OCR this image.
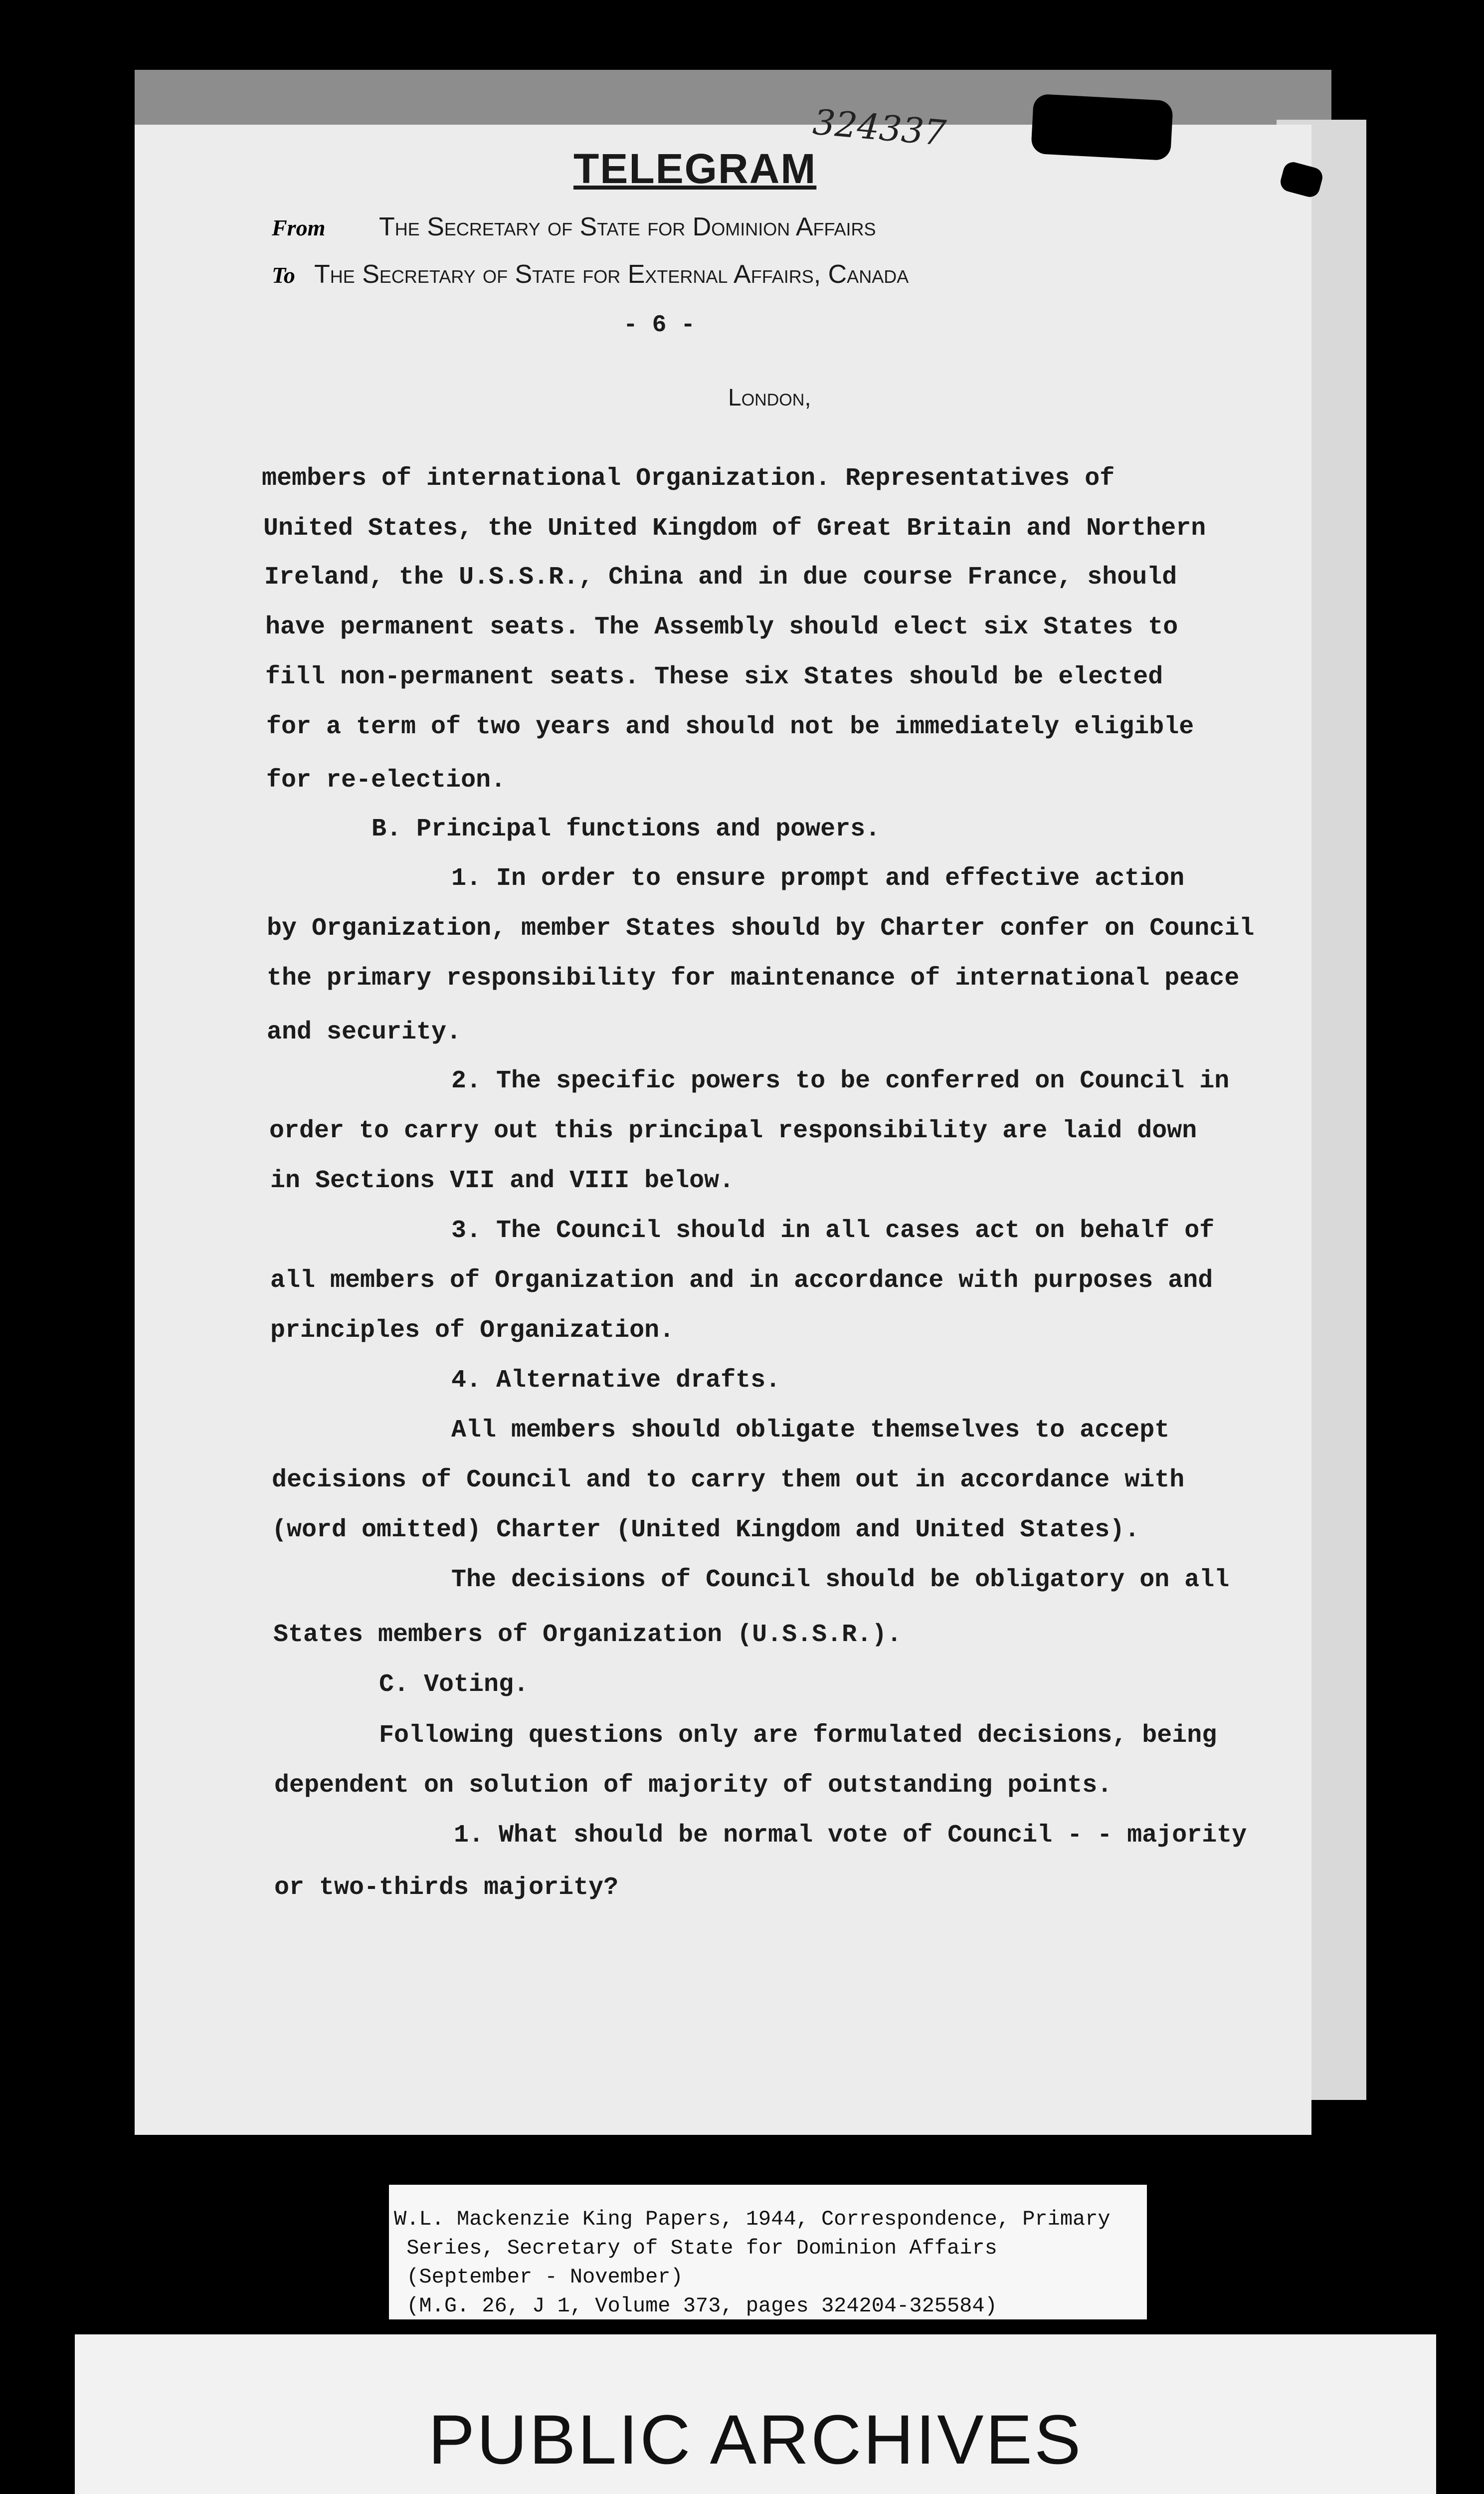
324337
TELEGRAM
From The Secretary of State for Dominion Affairs
To The Secretary of State for External Affairs, Canada
- 6 -
London,
members of international Organization. Representatives of
United States, the United Kingdom of Great Britain and Northern
Ireland, the U.S.S.R., China and in due course France, should
have permanent seats. The Assembly should elect six States to
fill non-permanent seats. These six States should be elected
for a term of two years and should not be immediately eligible
for re-election.
B. Principal functions and powers.
1. In order to ensure prompt and effective action
by Organization, member States should by Charter confer on Council
the primary responsibility for maintenance of international peace
and security.
2. The specific powers to be conferred on Council in
order to carry out this principal responsibility are laid down
in Sections VII and VIII below.
3. The Council should in all cases act on behalf of
all members of Organization and in accordance with purposes and
principles of Organization.
4. Alternative drafts.
All members should obligate themselves to accept
decisions of Council and to carry them out in accordance with
(word omitted) Charter (United Kingdom and United States).
The decisions of Council should be obligatory on all
States members of Organization (U.S.S.R.).
C. Voting.
Following questions only are formulated decisions, being
dependent on solution of majority of outstanding points.
1. What should be normal vote of Council - - majority
or two-thirds majority?
W.L. Mackenzie King Papers, 1944, Correspondence, Primary
Series, Secretary of State for Dominion Affairs
(September - November)
(M.G. 26, J 1, Volume 373, pages 324204-325584)
PUBLIC ARCHIVES
